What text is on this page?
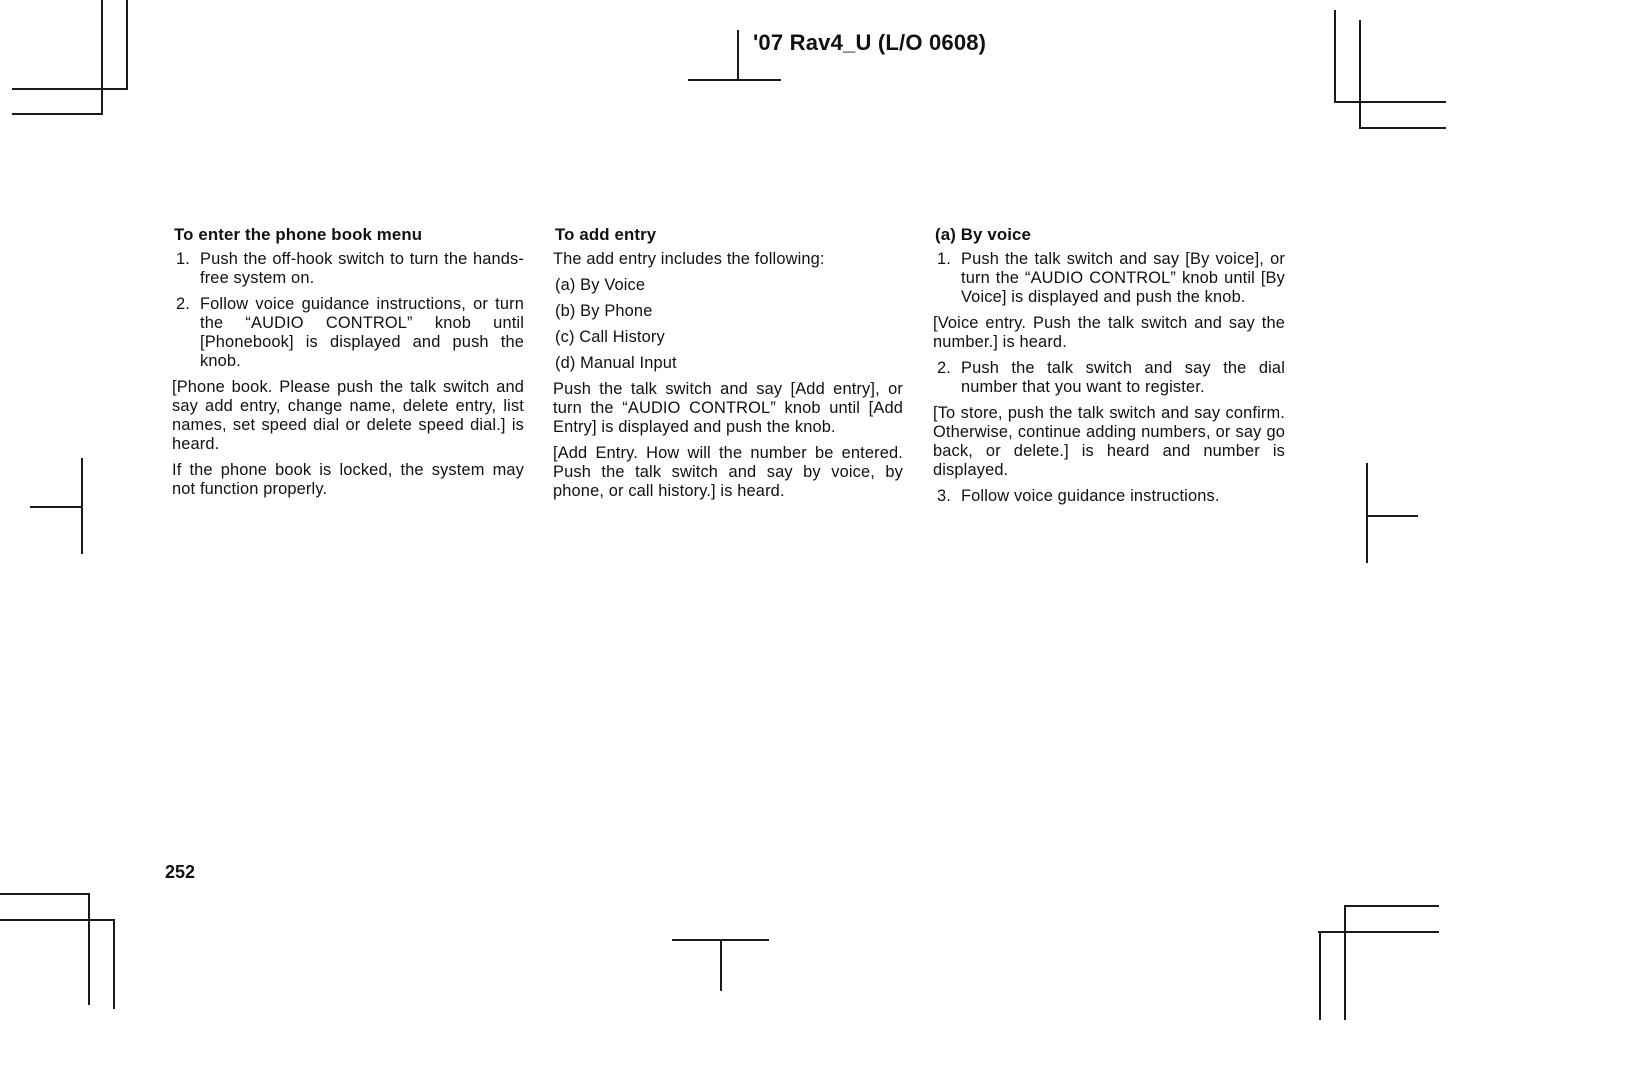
'07 Rav4_U (L/O 0608)
To enter the phone book menu
1. Push the off-hook switch to turn the hands-free system on.
2. Follow voice guidance instructions, or turn the “AUDIO CONTROL” knob until [Phonebook] is displayed and push the knob.
[Phone book. Please push the talk switch and say add entry, change name, delete entry, list names, set speed dial or delete speed dial.] is heard.
If the phone book is locked, the system may not function properly.
To add entry
The add entry includes the following:
(a) By Voice
(b) By Phone
(c) Call History
(d) Manual Input
Push the talk switch and say [Add entry], or turn the “AUDIO CONTROL” knob until [Add Entry] is displayed and push the knob.
[Add Entry. How will the number be entered. Push the talk switch and say by voice, by phone, or call history.] is heard.
(a) By voice
1. Push the talk switch and say [By voice], or turn the “AUDIO CONTROL” knob until [By Voice] is displayed and push the knob.
[Voice entry. Push the talk switch and say the number.] is heard.
2. Push the talk switch and say the dial number that you want to register.
[To store, push the talk switch and say confirm. Otherwise, continue adding numbers, or say go back, or delete.] is heard and number is displayed.
3. Follow voice guidance instructions.
252
